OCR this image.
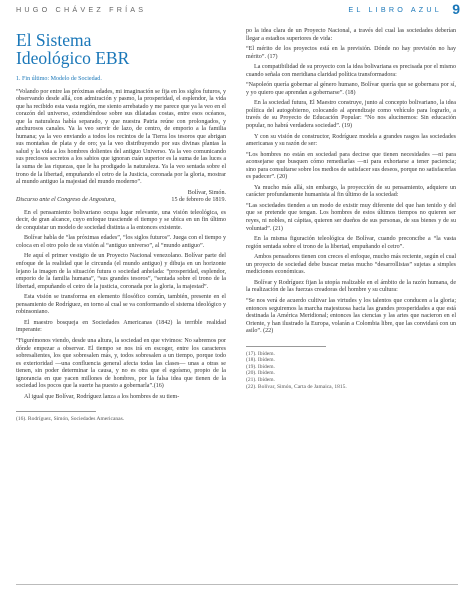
HUGO CHÁVEZ FRÍAS	EL LIBRO AZUL 9
El Sistema
Ideológico EBR
1. Fin último: Modelo de Sociedad.

“Volando por entre las próximas edades, mi imaginación se fija en los siglos futuros, y observando desde allá, con admiración y pasmo, la prosperidad, el esplendor, la vida que ha recibido esta vasta región, me siento arrebatado y me parece que ya la veo en el corazón del universo, extendiéndose sobre sus dilatadas costas, entre esos océanos, que la naturaleza había separado, y que nuestra Patria reúne con prolongados, y anchurosos canales. Ya la veo servir de lazo, de centro, de emporio a la familia humana; ya la veo enviando a todos los recintos de la Tierra los tesoros que abrigan sus montañas de plata y de oro; ya la veo distribuyendo por sus divinas plantas la salud y la vida a los hombres dolientes del antiguo Universo. Ya la veo comunicando sus preciosos secretos a los sabios que ignoran cuán superior es la suma de las luces a la suma de las riquezas, que le ha prodigado la naturaleza. Ya la veo sentada sobre el trono de la libertad, empuñando el cetro de la Justicia, coronada por la gloria, mostrar al mundo antiguo la majestad del mundo moderno”.

Bolívar, Simón.
Discurso ante el Congreso de Angostura,	15 de febrero de 1819.

En el pensamiento bolivariano ocupa lugar relevante, una visión teleológica, es decir, de gran alcance, cuyo enfoque trasciende el tiempo y se ubica en un fin último de conquistar un modelo de sociedad distinta a la entonces existente.

Bolívar habla de “las próximas edades”, “los siglos futuros”. Juega con el tiempo y coloca en el otro polo de su visión al “antiguo universo”, al “mundo antiguo”.

He aquí el primer vestigio de un Proyecto Nacional venezolano. Bolívar parte del enfoque de la realidad que le circunda (el mundo antiguo) y dibuja en un horizonte lejano la imagen de la situación futura o sociedad anhelada: “prosperidad, esplendor, emporio de la familia humana”, “sus grandes tesoros”, “sentada sobre el trono de la libertad, empuñando el cetro de la justicia, coronada por la gloria, la majestad”.

Esta visión se transforma en elemento filosófico común, también, presente en el pensamiento de Rodríguez, en torno al cual se va conformando el sistema ideológico y robinsoniano.

El maestro bosqueja en Sociedades Americanas (1842) la terrible realidad imperante:

“Figurémonos viendo, desde una altura, la sociedad en que vivimos: No sabremos por dónde empezar a observar. El tiempo se nos irá en escoger, entre los caracteres sobresalientes, los que sobresalen más, y, todos sobresalen a un tiempo, porque todo es exterioridad —una confluencia general afecta todas las clases— unas a otras se tienen, sin poder determinar la causa, y no es otra que el egoísmo, propio de la ignorancia en que yacen millones de hombres, por la falsa idea que tienen de la sociedad los pocos que la suerte ha puesto a gobernarla”.(16)

Al igual que Bolívar, Rodríguez lanza a los hombres de su tiem-

(16). Rodríguez, Simón, Sociedades Americanas.

po la idea clara de un Proyecto Nacional, a través del cual las sociedades deberían llegar a estadios superiores de vida:

“El mérito de los proyectos está en la previsión. Dónde no hay previsión no hay mérito”. (17)

La compatibilidad de su proyecto con la idea bolivariana es precisada por el mismo cuando señala con meridiana claridad política transformadora:

“Napoleón quería gobernar al género humano, Bolívar quería que se gobernara por sí, y yo quiero que aprendan a gobernarse”. (18)

En la sociedad futura, El Maestro construye, junto al concepto bolivariano, la idea política del autogobierno, colocando al aprendizaje como vehículo para lograrlo, a través de su Proyecto de Educación Popular: “No nos alucinemos: Sin educación popular, no habrá verdadera sociedad”. (19)

Y con su visión de constructor, Rodríguez modela a grandes rasgos las sociedades americanas y su razón de ser:

“Los hombres no están en sociedad para decirse que tienen necesidades —ni para aconsejarse que busquen cómo remediarlas —ni para exhortarse a tener paciencia; sino para consultarse sobre los medios de satisfacer sus deseos, porque no satisfacerlas es padecer”. (20)

Ya mucho más allá, sin embargo, la proyección de su pensamiento, adquiere un carácter profundamente humanista al fin último de la sociedad:

“Las sociedades tienden a un modo de existir muy diferente del que han tenido y del que se pretende que tengan. Los hombres de estos últimos tiempos no quieren ser reyes, ni nobles, ni cápitas, quieren ser dueños de sus personas, de sus bienes y de su voluntad”. (21)

En la misma figuración teleológica de Bolívar, cuando preconcibe a “la vasta región sentada sobre el trono de la libertad, empuñando el cetro”.

Ambos pensadores tienen con creces el enfoque, mucho más reciente, según el cual un proyecto de sociedad debe buscar metas mucho “desarrollistas” sujetas a simples mediciones económicas.

Bolívar y Rodríguez fijan la utopía realizable en el ámbito de la razón humana, de la realización de las fuerzas creadoras del hombre y su cultura:

“Se nos verá de acuerdo cultivar las virtudes y los talentos que conducen a la gloria; entonces seguiremos la marcha majestuosa hacia las grandes prosperidades a que está destinada la América Meridional; entonces las ciencias y las artes que nacieron en el Oriente, y han ilustrado la Europa, volarán a Colombia libre, que las convidará con un asilo”. (22)

(17). Ibídem.

(18). Ibídem.

(19). Ibídem.

(20). Ibídem.

(21). Ibídem.

(22). Bolívar, Simón, Carta de Jamaica, 1815.
